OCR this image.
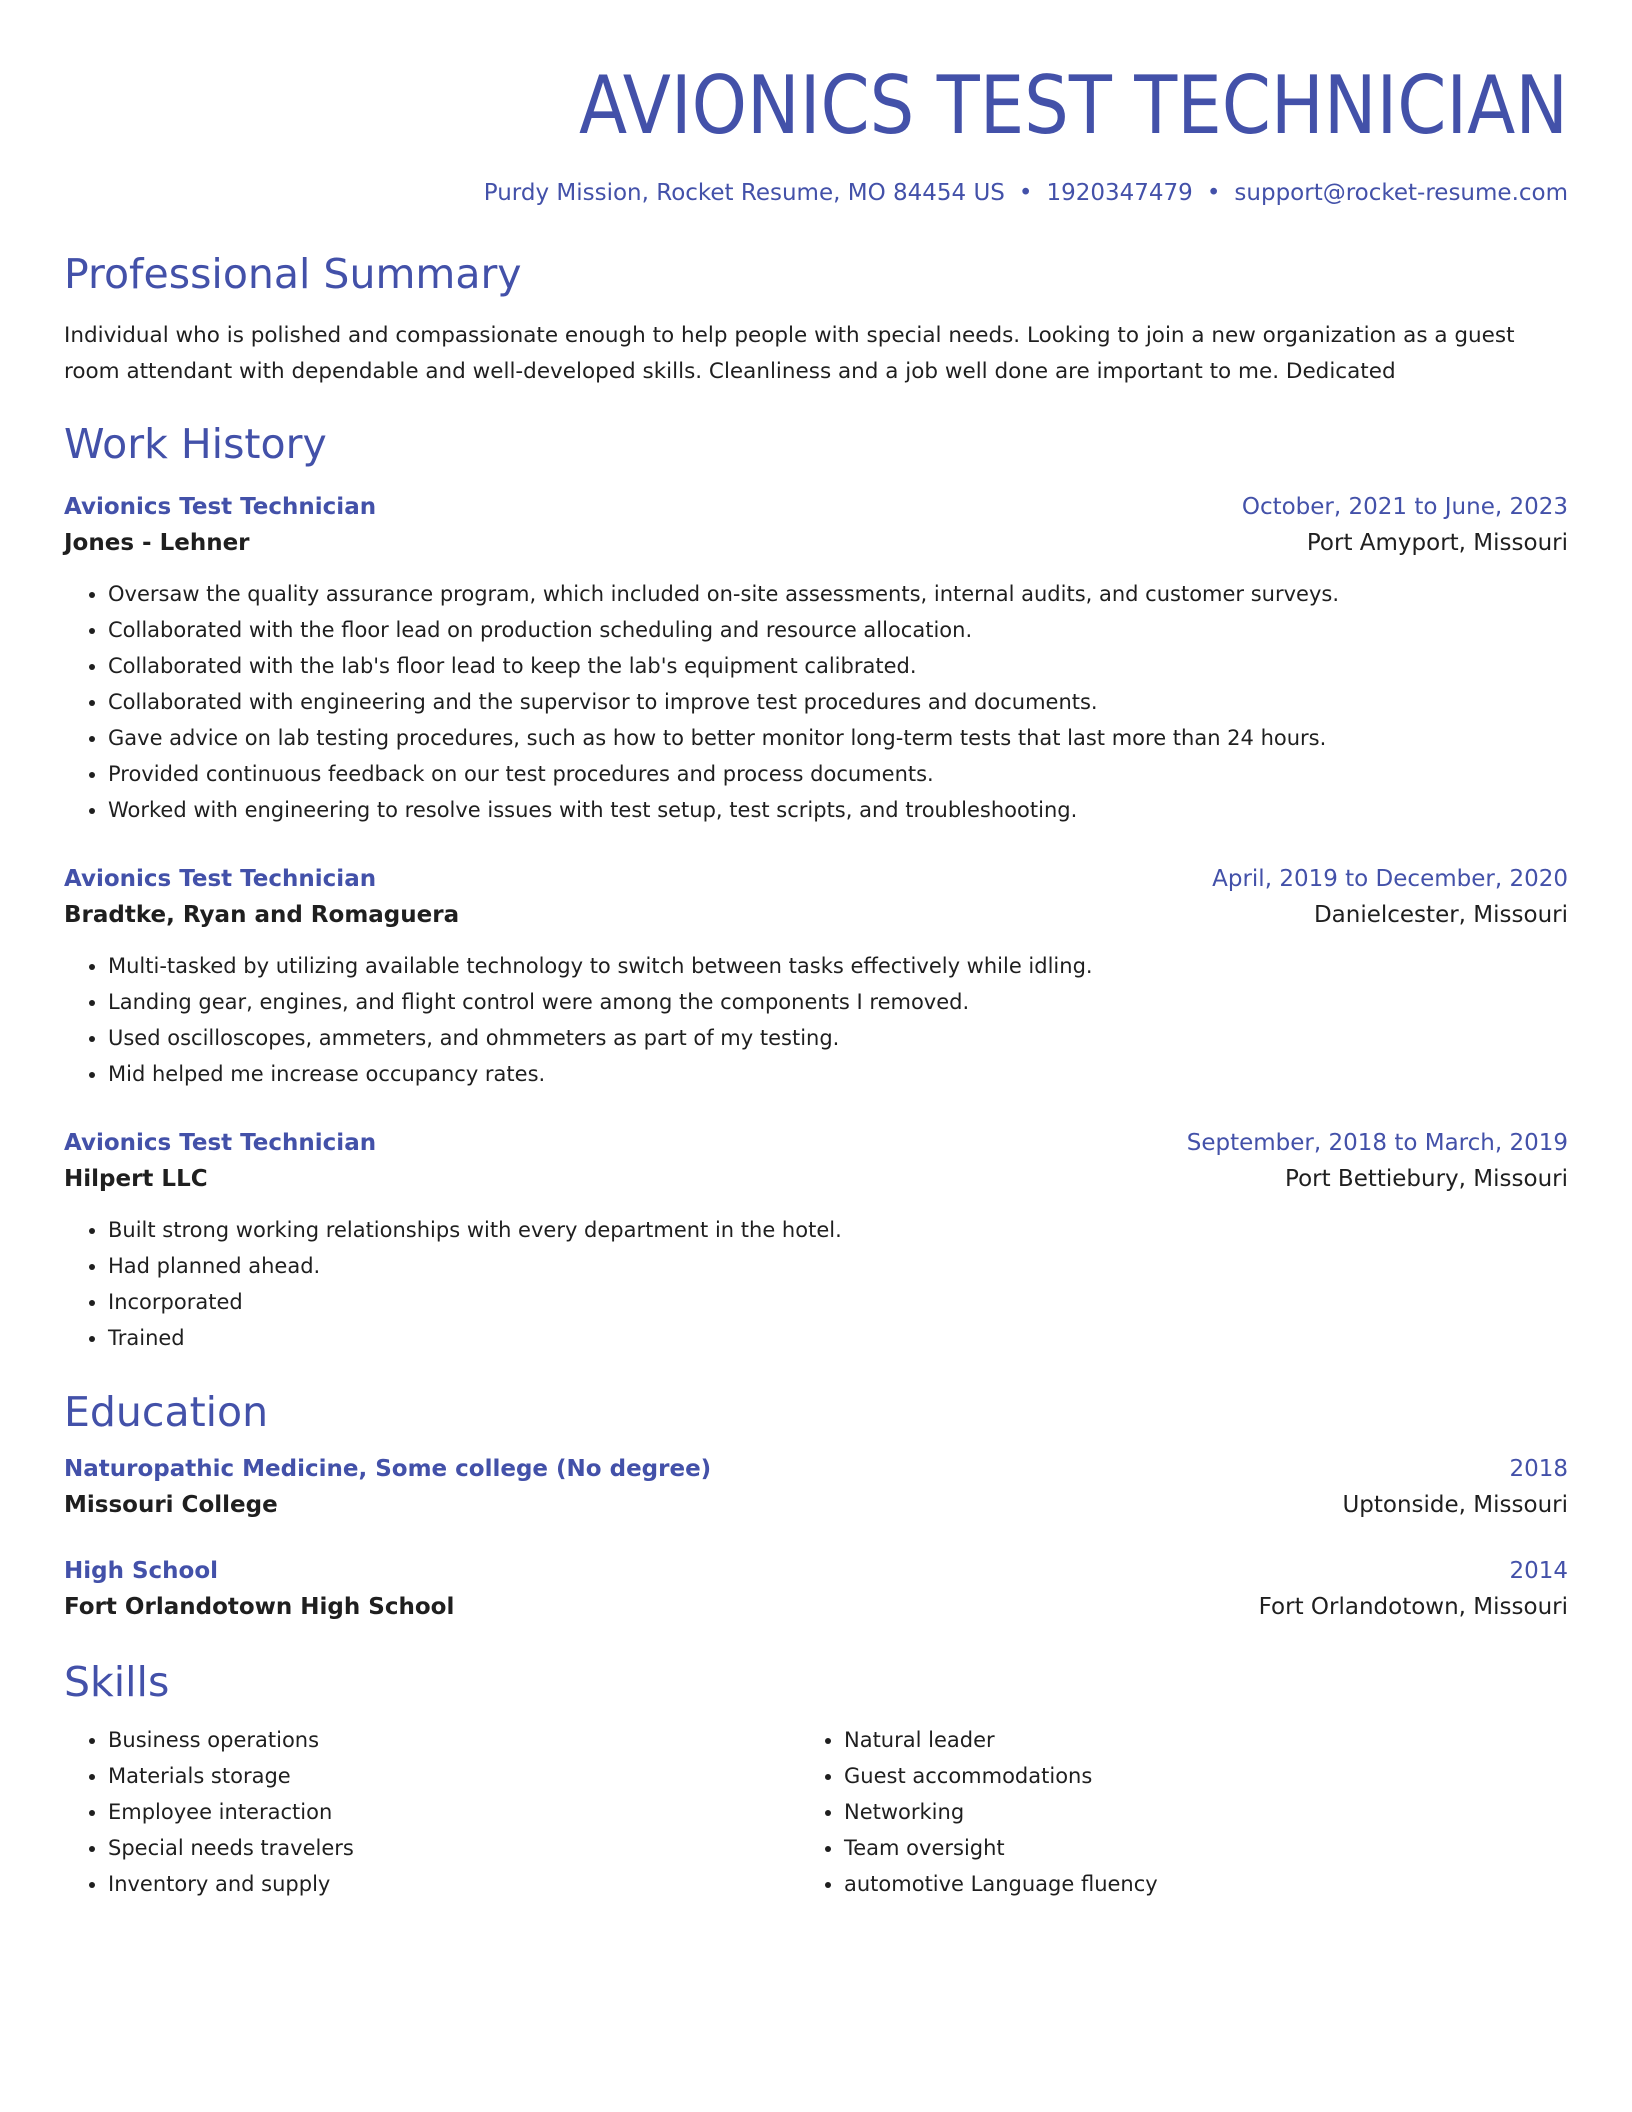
AVIONICS TEST TECHNICIAN
Purdy Mission, Rocket Resume, MO 84454 US • 1920347479 • support@rocket-resume.com
Professional Summary
Individual who is polished and compassionate enough to help people with special needs. Looking to join a new organization as a guest room attendant with dependable and well-developed skills. Cleanliness and a job well done are important to me. Dedicated
Work History
Avionics Test Technician	October, 2021 to June, 2023
Jones - Lehner	Port Amyport, Missouri
• Oversaw the quality assurance program, which included on-site assessments, internal audits, and customer surveys.
• Collaborated with the floor lead on production scheduling and resource allocation.
• Collaborated with the lab's floor lead to keep the lab's equipment calibrated.
• Collaborated with engineering and the supervisor to improve test procedures and documents.
• Gave advice on lab testing procedures, such as how to better monitor long-term tests that last more than 24 hours.
• Provided continuous feedback on our test procedures and process documents.
• Worked with engineering to resolve issues with test setup, test scripts, and troubleshooting.
Avionics Test Technician	April, 2019 to December, 2020
Bradtke, Ryan and Romaguera	Danielcester, Missouri
• Multi-tasked by utilizing available technology to switch between tasks effectively while idling.
• Landing gear, engines, and flight control were among the components I removed.
• Used oscilloscopes, ammeters, and ohmmeters as part of my testing.
• Mid helped me increase occupancy rates.
Avionics Test Technician	September, 2018 to March, 2019
Hilpert LLC	Port Bettiebury, Missouri
• Built strong working relationships with every department in the hotel.
• Had planned ahead.
• Incorporated
• Trained
Education
Naturopathic Medicine, Some college (No degree)	2018
Missouri College	Uptonside, Missouri
High School	2014
Fort Orlandotown High School	Fort Orlandotown, Missouri
Skills
• Business operations
• Materials storage
• Employee interaction
• Special needs travelers
• Inventory and supply
• Natural leader
• Guest accommodations
• Networking
• Team oversight
• automotive Language fluency
